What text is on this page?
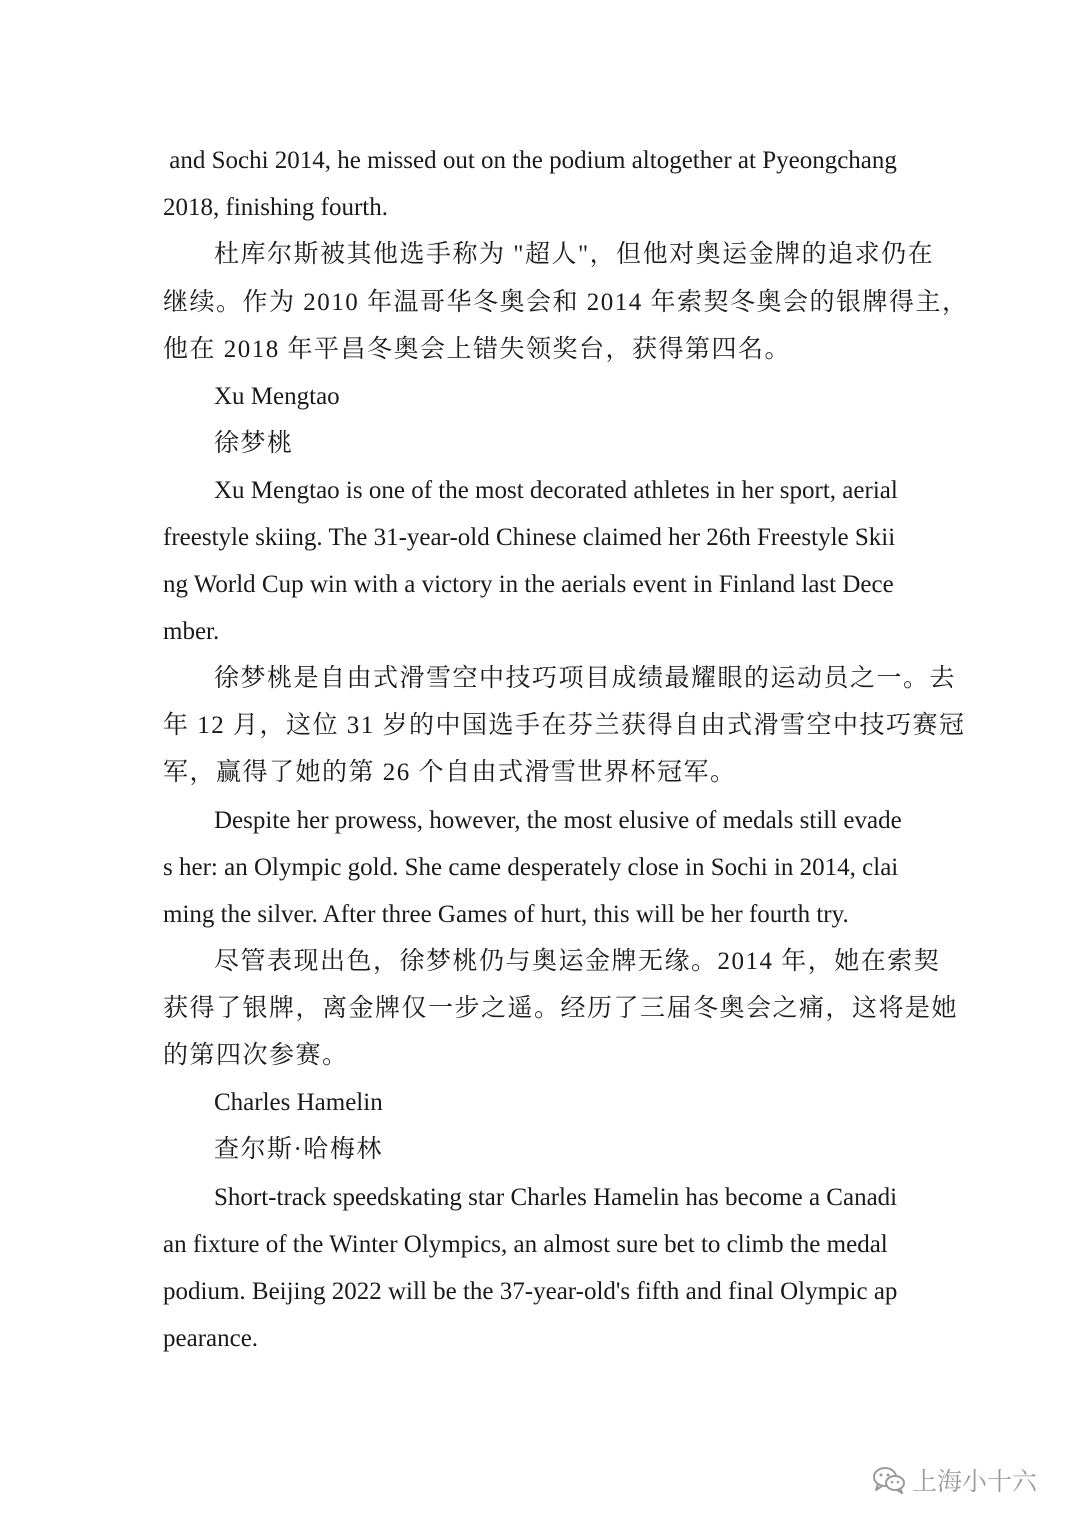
and Sochi 2014, he missed out on the podium altogether at Pyeongchang
2018, finishing fourth.
杜库尔斯被其他选手称为 "超人"，但他对奥运金牌的追求仍在
继续。作为 2010 年温哥华冬奥会和 2014 年索契冬奥会的银牌得主，
他在 2018 年平昌冬奥会上错失领奖台，获得第四名。
Xu Mengtao
徐梦桃
Xu Mengtao is one of the most decorated athletes in her sport, aerial
freestyle skiing. The 31-year-old Chinese claimed her 26th Freestyle Skii
ng World Cup win with a victory in the aerials event in Finland last Dece
mber.
徐梦桃是自由式滑雪空中技巧项目成绩最耀眼的运动员之一。去
年 12 月，这位 31 岁的中国选手在芬兰获得自由式滑雪空中技巧赛冠
军，赢得了她的第 26 个自由式滑雪世界杯冠军。
Despite her prowess, however, the most elusive of medals still evade
s her: an Olympic gold. She came desperately close in Sochi in 2014, clai
ming the silver. After three Games of hurt, this will be her fourth try.
尽管表现出色，徐梦桃仍与奥运金牌无缘。2014 年，她在索契
获得了银牌，离金牌仅一步之遥。经历了三届冬奥会之痛，这将是她
的第四次参赛。
Charles Hamelin
查尔斯·哈梅林
Short-track speedskating star Charles Hamelin has become a Canadi
an fixture of the Winter Olympics, an almost sure bet to climb the medal
podium. Beijing 2022 will be the 37-year-old's fifth and final Olympic ap
pearance.
上海小十六
